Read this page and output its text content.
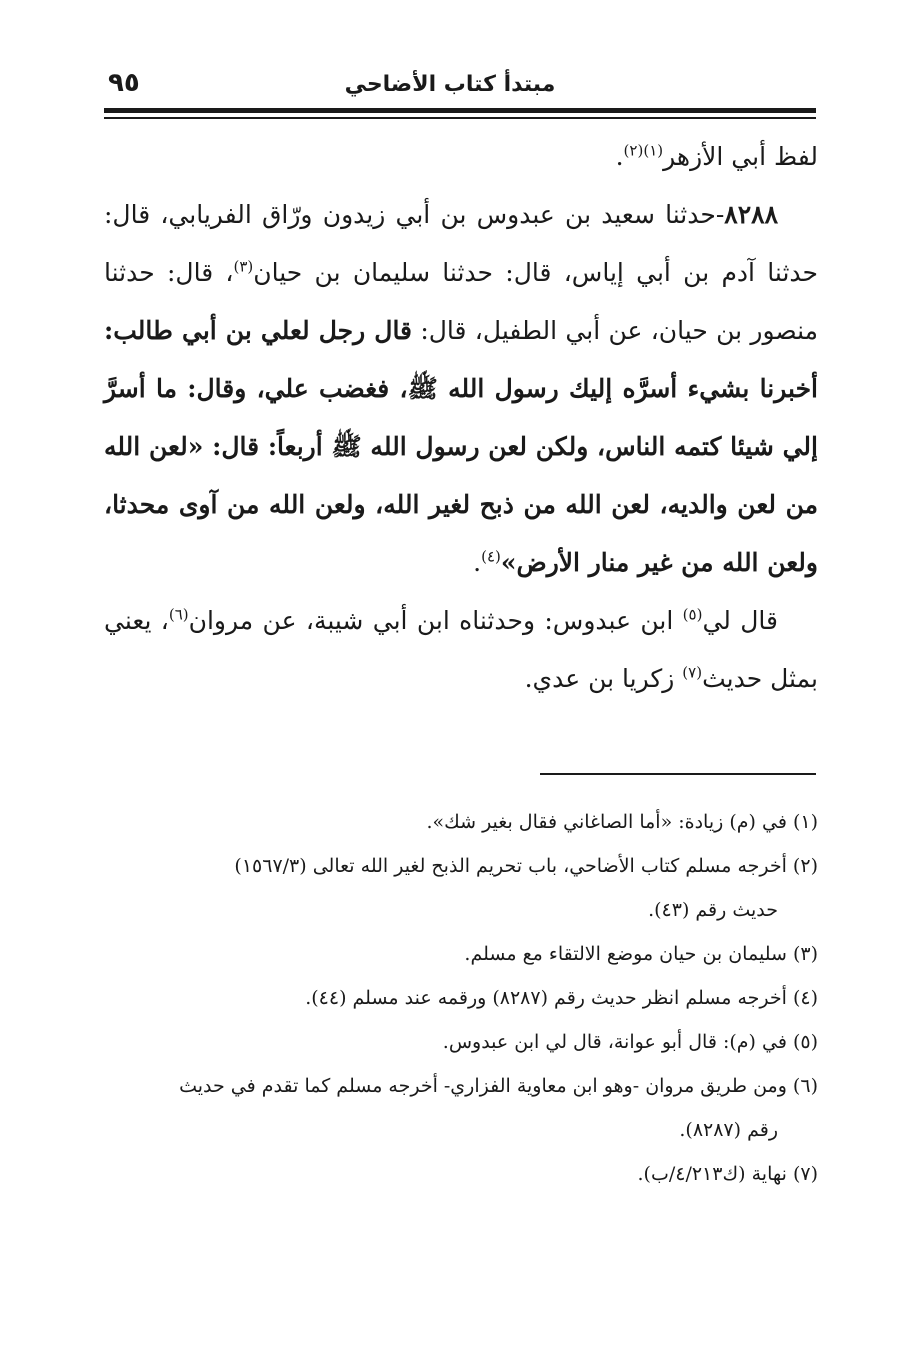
٩٥	مبتدأ كتاب الأضاحي

لفظ أبي الأزهر$^{(١)(٢)}$.

٨٢٨٨-حدثنا سعيد بن عبدوس بن أبي زيدون ورّاق الفريابي، قال: حدثنا آدم بن أبي إياس، قال: حدثنا سليمان بن حيان$^{(٣)}$، قال: حدثنا منصور بن حيان، عن أبي الطفيل، قال: قال رجل لعلي بن أبي طالب: أخبرنا بشيء أسرَّه إليك رسول الله ﷺ، فغضب علي، وقال: ما أسرَّ إلي شيئا كتمه الناس، ولكن لعن رسول الله ﷺ أربعاً: قال: «لعن الله من لعن والديه، لعن الله من ذبح لغير الله، ولعن الله من آوى محدثا، ولعن الله من غير منار الأرض»$^{(٤)}$.

قال لي$^{(٥)}$ ابن عبدوس: وحدثناه ابن أبي شيبة، عن مروان$^{(٦)}$، يعني بمثل حديث$^{(٧)}$ زكريا بن عدي.

(١) في (م) زيادة: «أما الصاغاني فقال بغير شك».

(٢) أخرجه مسلم كتاب الأضاحي، باب تحريم الذبح لغير الله تعالى (١٥٦٧/٣)

حديث رقم (٤٣).

(٣) سليمان بن حيان موضع الالتقاء مع مسلم.

(٤) أخرجه مسلم انظر حديث رقم (٨٢٨٧) ورقمه عند مسلم (٤٤).

(٥) في (م): قال أبو عوانة، قال لي ابن عبدوس.

(٦) ومن طريق مروان -وهو ابن معاوية الفزاري- أخرجه مسلم كما تقدم في حديث

رقم (٨٢٨٧).

(٧) نهاية (ك٤/٢١٣/ب).
